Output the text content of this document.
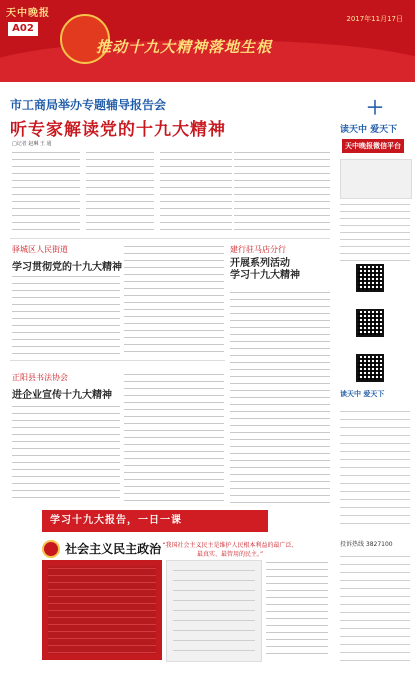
天中晚报
A02
推动十九大精神落地生根
2017年11月17日
市工商局举办专题辅导报告会
听专家解读党的十九大精神
□记者 赵琳 王 通
驿城区人民街道
学习贯彻党的十九大精神
建行驻马店分行
开展系列活动
学习十九大精神
正阳县书法协会
进企业宣传十九大精神
＋
读天中 爱天下
天中晚报微信平台
读天中 爱天下
投诉热线 3827100
学习十九大报告，一日一课
社会主义民主政治 “我国社会主义民主是维护人民根本利益的最广泛、最真实、最管用的民主。”
